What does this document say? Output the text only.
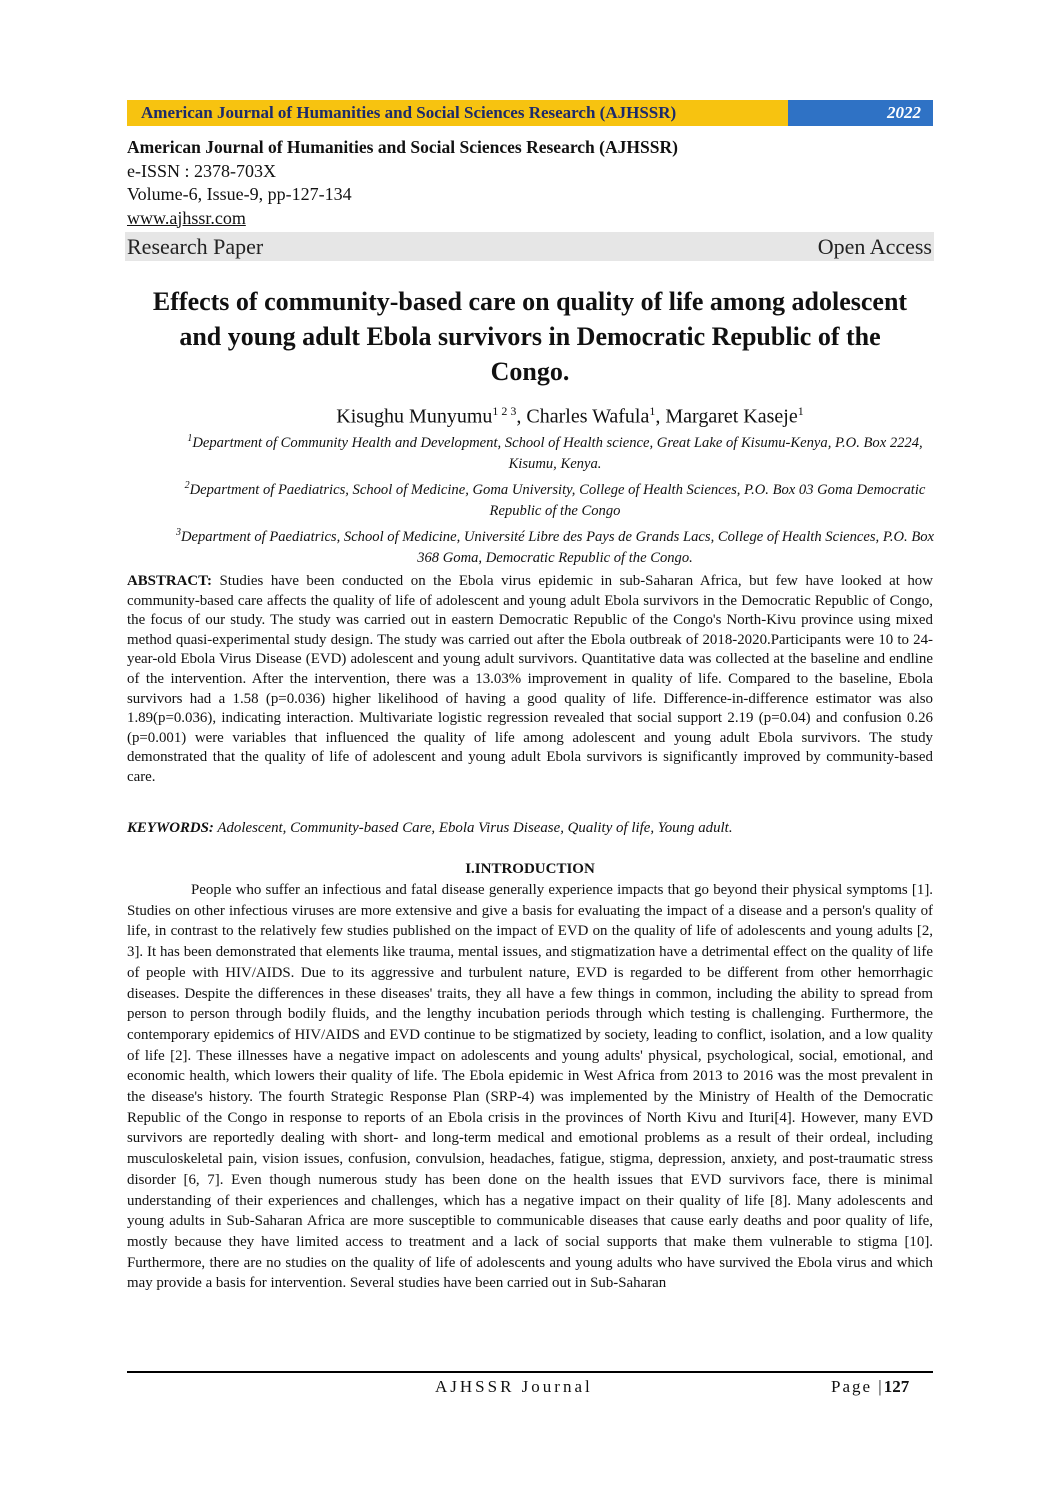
American Journal of Humanities and Social Sciences Research (AJHSSR)	2022
American Journal of Humanities and Social Sciences Research (AJHSSR)
e-ISSN : 2378-703X
Volume-6, Issue-9, pp-127-134
www.ajhssr.com
Research Paper	Open Access
Effects of community-based care on quality of life among adolescent and young adult Ebola survivors in Democratic Republic of the Congo.
Kisughu Munyumu$^{1 2 3}$, Charles Wafula$^1$, Margaret Kaseje$^1$
$^1$Department of Community Health and Development, School of Health science, Great Lake of Kisumu-Kenya, P.O. Box 2224, Kisumu, Kenya.
$^2$Department of Paediatrics, School of Medicine, Goma University, College of Health Sciences, P.O. Box 03 Goma Democratic Republic of the Congo
$^3$Department of Paediatrics, School of Medicine, Université Libre des Pays de Grands Lacs, College of Health Sciences, P.O. Box 368 Goma, Democratic Republic of the Congo.
ABSTRACT: Studies have been conducted on the Ebola virus epidemic in sub-Saharan Africa, but few have looked at how community-based care affects the quality of life of adolescent and young adult Ebola survivors in the Democratic Republic of Congo, the focus of our study. The study was carried out in eastern Democratic Republic of the Congo's North-Kivu province using mixed method quasi-experimental study design. The study was carried out after the Ebola outbreak of 2018-2020.Participants were 10 to 24-year-old Ebola Virus Disease (EVD) adolescent and young adult survivors. Quantitative data was collected at the baseline and endline of the intervention. After the intervention, there was a 13.03% improvement in quality of life. Compared to the baseline, Ebola survivors had a 1.58 (p=0.036) higher likelihood of having a good quality of life. Difference-in-difference estimator was also 1.89(p=0.036), indicating interaction. Multivariate logistic regression revealed that social support 2.19 (p=0.04) and confusion 0.26 (p=0.001) were variables that influenced the quality of life among adolescent and young adult Ebola survivors. The study demonstrated that the quality of life of adolescent and young adult Ebola survivors is significantly improved by community-based care.
KEYWORDS: Adolescent, Community-based Care, Ebola Virus Disease, Quality of life, Young adult.
I.INTRODUCTION

People who suffer an infectious and fatal disease generally experience impacts that go beyond their physical symptoms [1]. Studies on other infectious viruses are more extensive and give a basis for evaluating the impact of a disease and a person's quality of life, in contrast to the relatively few studies published on the impact of EVD on the quality of life of adolescents and young adults [2, 3]. It has been demonstrated that elements like trauma, mental issues, and stigmatization have a detrimental effect on the quality of life of people with HIV/AIDS. Due to its aggressive and turbulent nature, EVD is regarded to be different from other hemorrhagic diseases. Despite the differences in these diseases' traits, they all have a few things in common, including the ability to spread from person to person through bodily fluids, and the lengthy incubation periods through which testing is challenging. Furthermore, the contemporary epidemics of HIV/AIDS and EVD continue to be stigmatized by society, leading to conflict, isolation, and a low quality of life [2]. These illnesses have a negative impact on adolescents and young adults' physical, psychological, social, emotional, and economic health, which lowers their quality of life. The Ebola epidemic in West Africa from 2013 to 2016 was the most prevalent in the disease's history. The fourth Strategic Response Plan (SRP-4) was implemented by the Ministry of Health of the Democratic Republic of the Congo in response to reports of an Ebola crisis in the provinces of North Kivu and Ituri[4]. However, many EVD survivors are reportedly dealing with short- and long-term medical and emotional problems as a result of their ordeal, including musculoskeletal pain, vision issues, confusion, convulsion, headaches, fatigue, stigma, depression, anxiety, and post-traumatic stress disorder [6, 7]. Even though numerous study has been done on the health issues that EVD survivors face, there is minimal understanding of their experiences and challenges, which has a negative impact on their quality of life [8]. Many adolescents and young adults in Sub-Saharan Africa are more susceptible to communicable diseases that cause early deaths and poor quality of life, mostly because they have limited access to treatment and a lack of social supports that make them vulnerable to stigma [10]. Furthermore, there are no studies on the quality of life of adolescents and young adults who have survived the Ebola virus and which may provide a basis for intervention. Several studies have been carried out in Sub-Saharan

AJHSSR Journal	Page |127
